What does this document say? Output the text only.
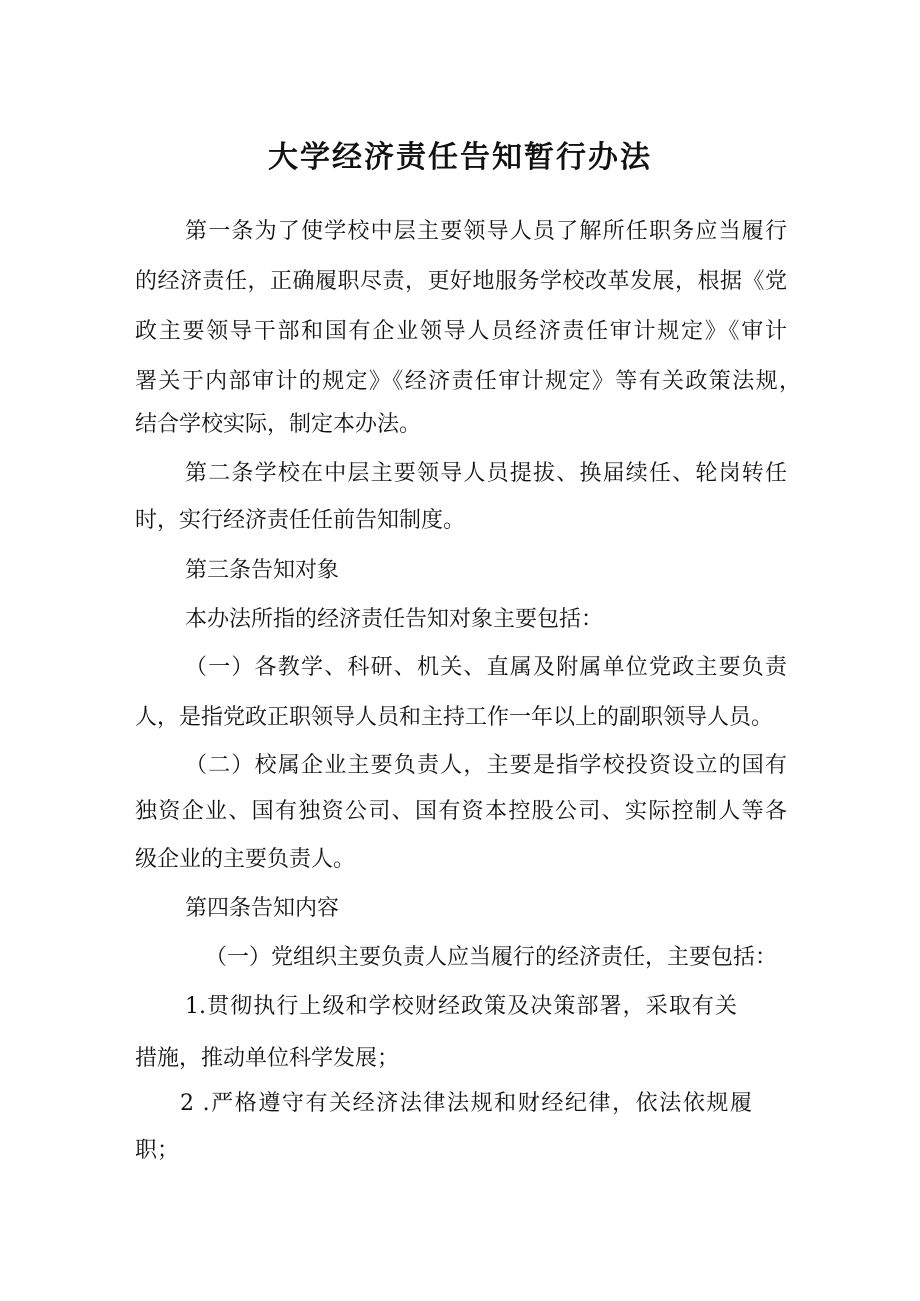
大学经济责任告知暂行办法

第一条为了使学校中层主要领导人员了解所任职务应当履行

的经济责任，正确履职尽责，更好地服务学校改革发展，根据《党

政主要领导干部和国有企业领导人员经济责任审计规定》《审计

署关于内部审计的规定》《经济责任审计规定》等有关政策法规，

结合学校实际，制定本办法。

第二条学校在中层主要领导人员提拔、换届续任、轮岗转任

时，实行经济责任任前告知制度。

第三条告知对象

本办法所指的经济责任告知对象主要包括：

（一）各教学、科研、机关、直属及附属单位党政主要负责

人，是指党政正职领导人员和主持工作一年以上的副职领导人员。

（二）校属企业主要负责人，主要是指学校投资设立的国有

独资企业、国有独资公司、国有资本控股公司、实际控制人等各

级企业的主要负责人。

第四条告知内容

（一）党组织主要负责人应当履行的经济责任，主要包括：

1.贯彻执行上级和学校财经政策及决策部署，采取有关

措施，推动单位科学发展；

2 .严格遵守有关经济法律法规和财经纪律，依法依规履

职；
